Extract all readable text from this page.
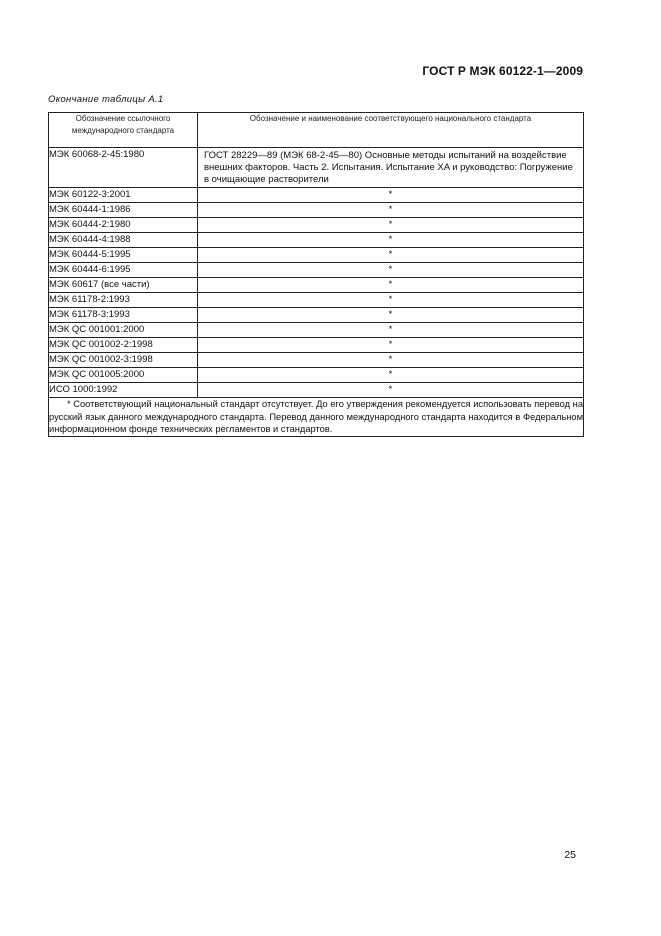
ГОСТ Р МЭК 60122-1—2009
Окончание таблицы А.1
Обозначение ссылочного международного стандарта	Обозначение и наименование соответствующего национального стандарта
МЭК 60068-2-45:1980	ГОСТ 28229—89 (МЭК 68-2-45—80) Основные методы испытаний на воздействие внешних факторов. Часть 2. Испытания. Испытание XA и руководство: Погружение в очищающие растворители
МЭК 60122-3:2001	*
МЭК 60444-1:1986	*
МЭК 60444-2:1980	*
МЭК 60444-4:1988	*
МЭК 60444-5:1995	*
МЭК 60444-6:1995	*
МЭК 60617 (все части)	*
МЭК 61178-2:1993	*
МЭК 61178-3:1993	*
МЭК QC 001001:2000	*
МЭК QC 001002-2:1998	*
МЭК QC 001002-3:1998	*
МЭК QC 001005:2000	*
ИСО 1000:1992	*
* Соответствующий национальный стандарт отсутствует. До его утверждения рекомендуется использовать перевод на русский язык данного международного стандарта. Перевод данного международного стандарта находится в Федеральном информационном фонде технических регламентов и стандартов.	
25
